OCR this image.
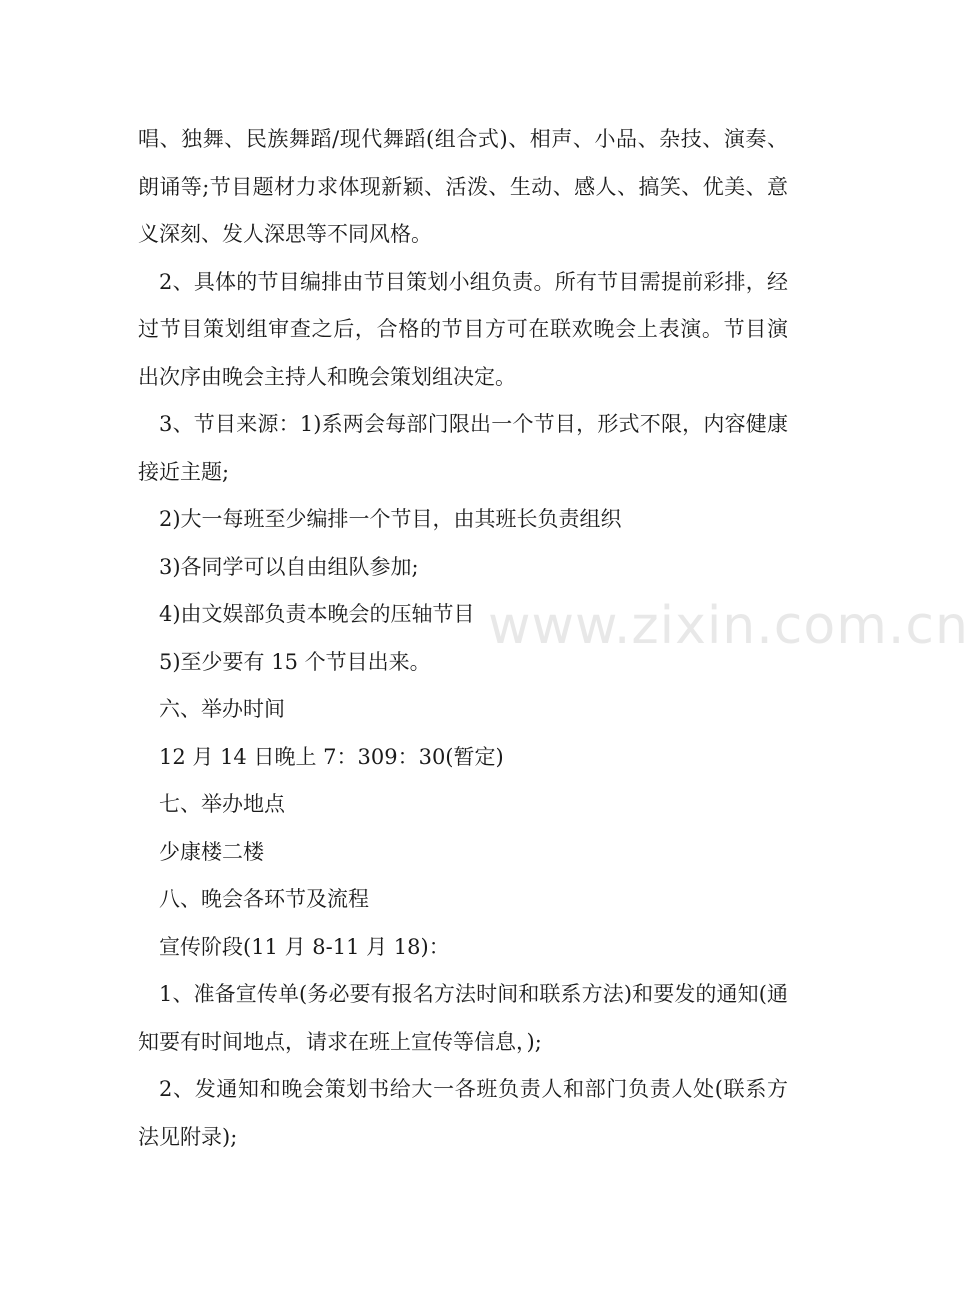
唱、独舞、民族舞蹈/现代舞蹈(组合式)、相声、小品、杂技、演奏、朗诵等;节目题材力求体现新颖、活泼、生动、感人、搞笑、优美、意义深刻、发人深思等不同风格。

2、具体的节目编排由节目策划小组负责。所有节目需提前彩排，经过节目策划组审查之后，合格的节目方可在联欢晚会上表演。节目演出次序由晚会主持人和晚会策划组决定。

3、节目来源：1)系两会每部门限出一个节目，形式不限，内容健康接近主题;

2)大一每班至少编排一个节目，由其班长负责组织

3)各同学可以自由组队参加;

4)由文娱部负责本晚会的压轴节目

5)至少要有 15 个节目出来。

六、举办时间

12 月 14 日晚上 7：309：30(暂定)

七、举办地点

少康楼二楼

八、晚会各环节及流程

宣传阶段(11 月 8-11 月 18)：

1、准备宣传单(务必要有报名方法时间和联系方法)和要发的通知(通知要有时间地点，请求在班上宣传等信息，);

2、发通知和晚会策划书给大一各班负责人和部门负责人处(联系方法见附录);

www.zixin.com.cn
